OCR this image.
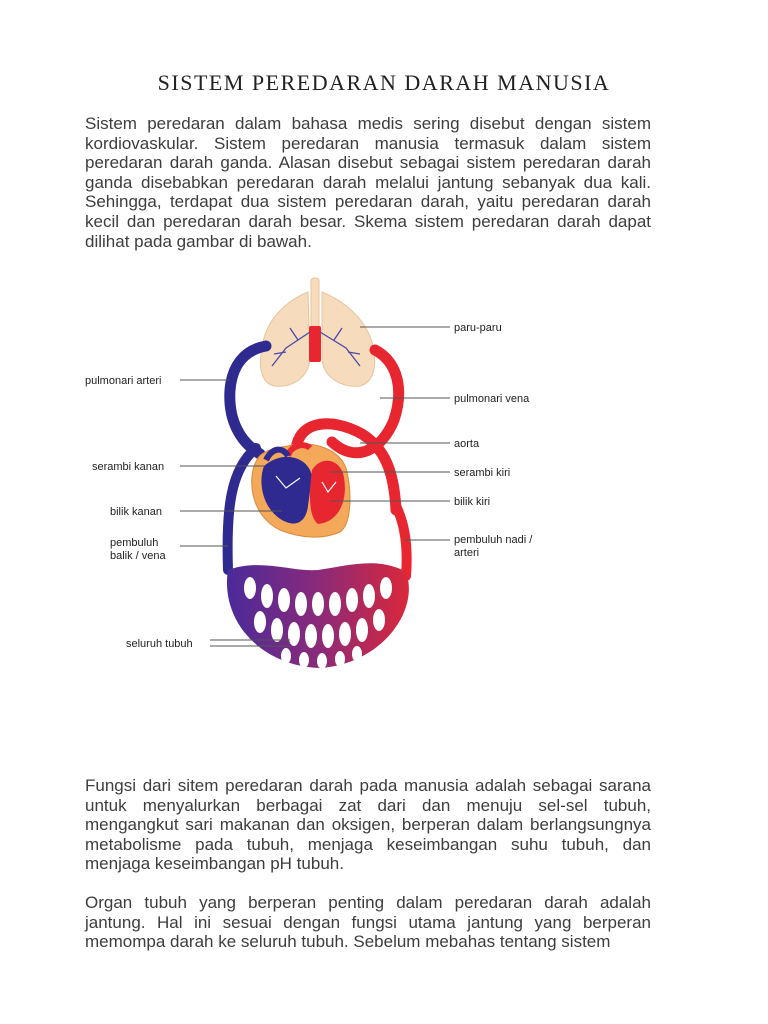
SISTEM PEREDARAN DARAH MANUSIA

Sistem peredaran dalam bahasa medis sering disebut dengan sistem kordiovaskular. Sistem peredaran manusia termasuk dalam sistem peredaran darah ganda. Alasan disebut sebagai sistem peredaran darah ganda disebabkan peredaran darah melalui jantung sebanyak dua kali. Sehingga, terdapat dua sistem peredaran darah, yaitu peredaran darah kecil dan peredaran darah besar. Skema sistem peredaran darah dapat dilihat pada gambar di bawah.

paru-paru
pulmonari arteri
pulmonari vena
aorta
serambi kanan	serambi kiri
bilik kanan
bilik kiri
pembuluh
balik / vena
pembuluh nadi /
arteri
seluruh tubuh

Fungsi dari sitem peredaran darah pada manusia adalah sebagai sarana untuk menyalurkan berbagai zat dari dan menuju sel-sel tubuh, mengangkut sari makanan dan oksigen, berperan dalam berlangsungnya metabolisme pada tubuh, menjaga keseimbangan suhu tubuh, dan menjaga keseimbangan pH tubuh.

Organ tubuh yang berperan penting dalam peredaran darah adalah jantung. Hal ini sesuai dengan fungsi utama jantung yang berperan memompa darah ke seluruh tubuh. Sebelum mebahas tentang sistem
